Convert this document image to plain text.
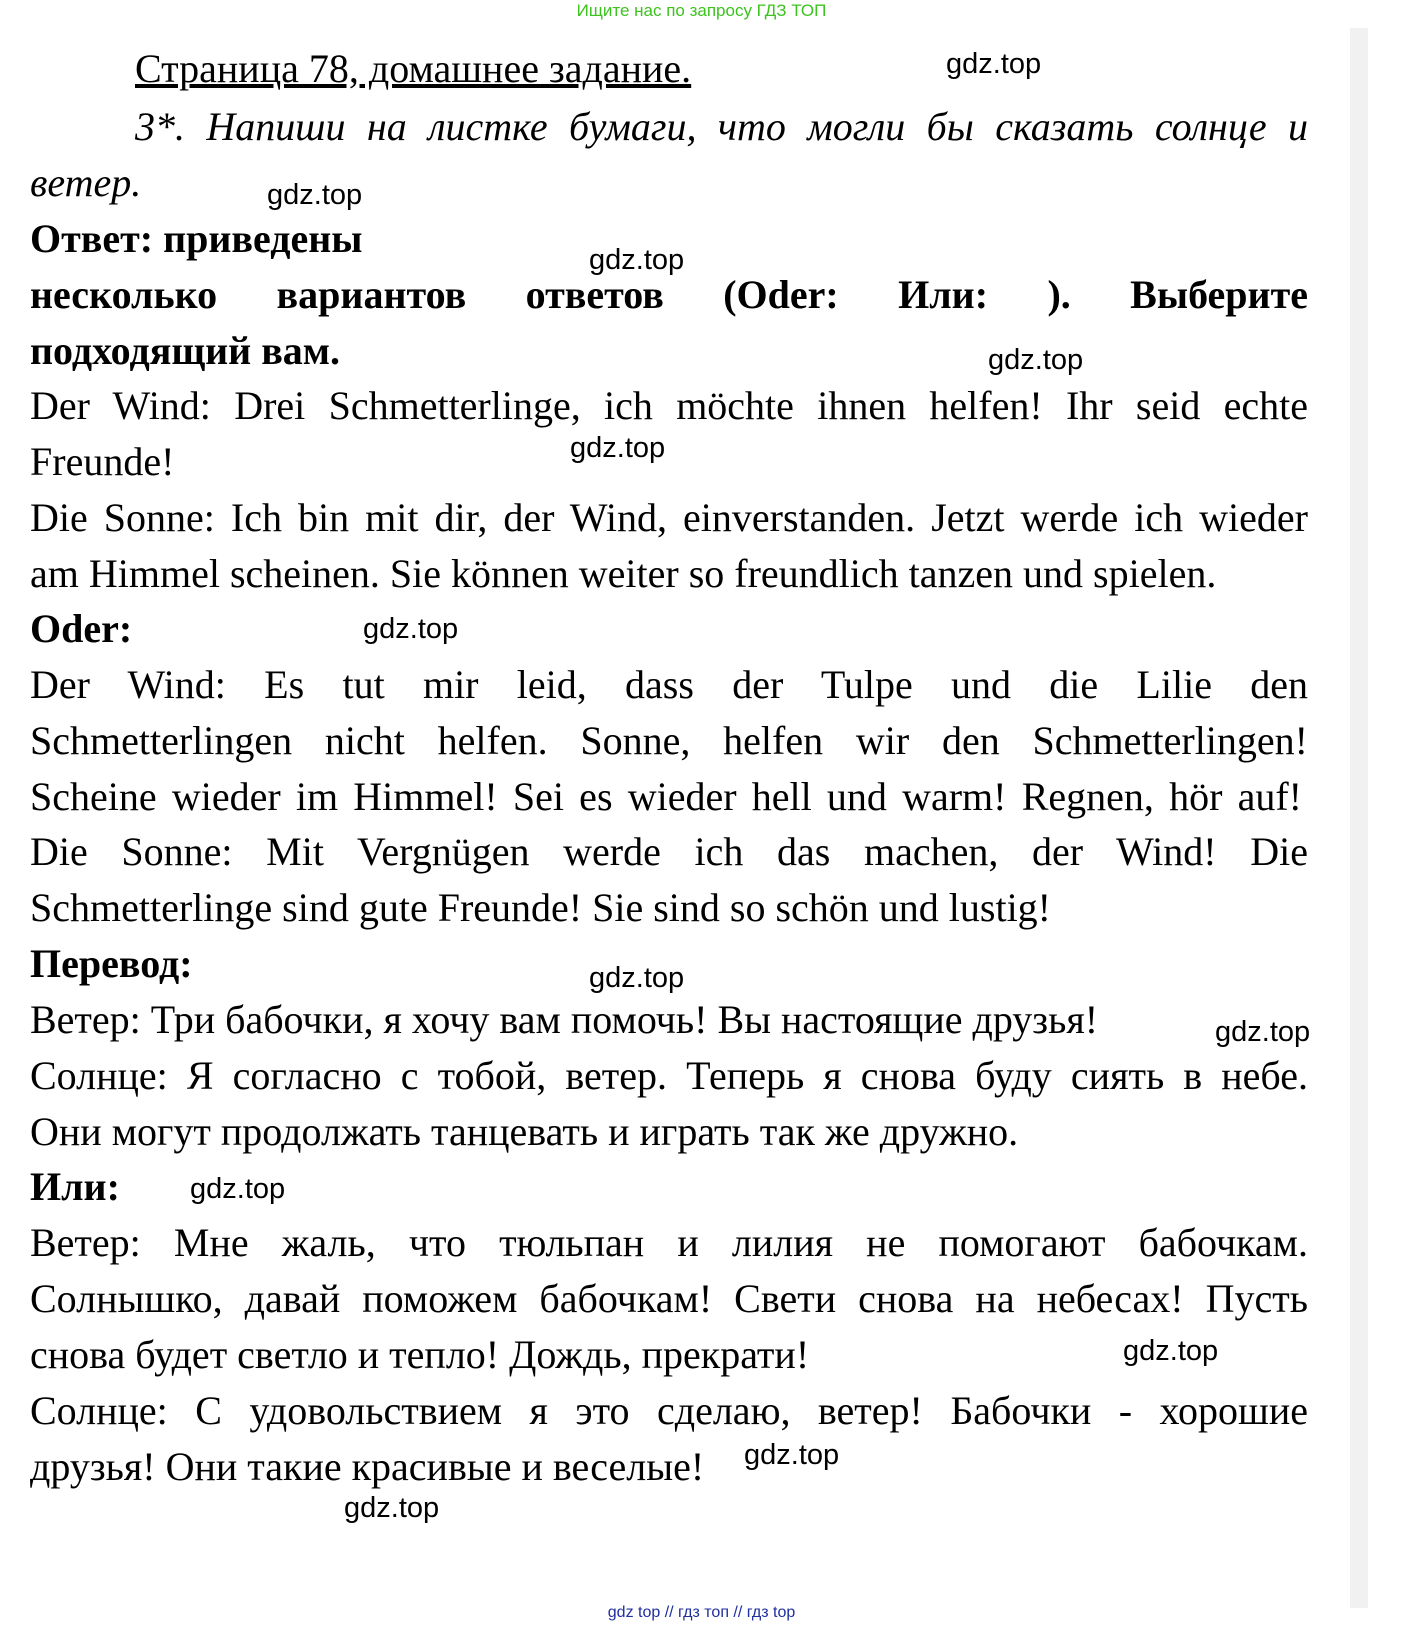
Ищите нас по запросу ГДЗ ТОП
Страница 78, домашнее задание.
3*. Напиши на листке бумаги, что могли бы сказать солнце и
ветер.
Ответ: приведены
несколько вариантов ответов (Oder: Или: ). Выберите
подходящий вам.
Der Wind: Drei Schmetterlinge, ich möchte ihnen helfen! Ihr seid echte
Freunde!
Die Sonne: Ich bin mit dir, der Wind, einverstanden. Jetzt werde ich wieder
am Himmel scheinen. Sie können weiter so freundlich tanzen und spielen.
Oder:
Der Wind: Es tut mir leid, dass der Tulpe und die Lilie den
Schmetterlingen nicht helfen. Sonne, helfen wir den Schmetterlingen!
Scheine wieder im Himmel! Sei es wieder hell und warm! Regnen, hör auf!
Die Sonne: Mit Vergnügen werde ich das machen, der Wind! Die
Schmetterlinge sind gute Freunde! Sie sind so schön und lustig!
Перевод:
Ветер: Три бабочки, я хочу вам помочь! Вы настоящие друзья!
Солнце: Я согласно с тобой, ветер. Теперь я снова буду сиять в небе.
Они могут продолжать танцевать и играть так же дружно.
Или:
Ветер: Мне жаль, что тюльпан и лилия не помогают бабочкам.
Солнышко, давай поможем бабочкам! Свети снова на небесах! Пусть
снова будет светло и тепло! Дождь, прекрати!
Солнце: С удовольствием я это сделаю, ветер! Бабочки - хорошие
друзья! Они такие красивые и веселые!
gdz.top
gdz.top
gdz.top
gdz.top
gdz.top
gdz.top
gdz.top
gdz.top
gdz.top
gdz.top
gdz.top
gdz.top
gdz top // гдз топ // гдз top
